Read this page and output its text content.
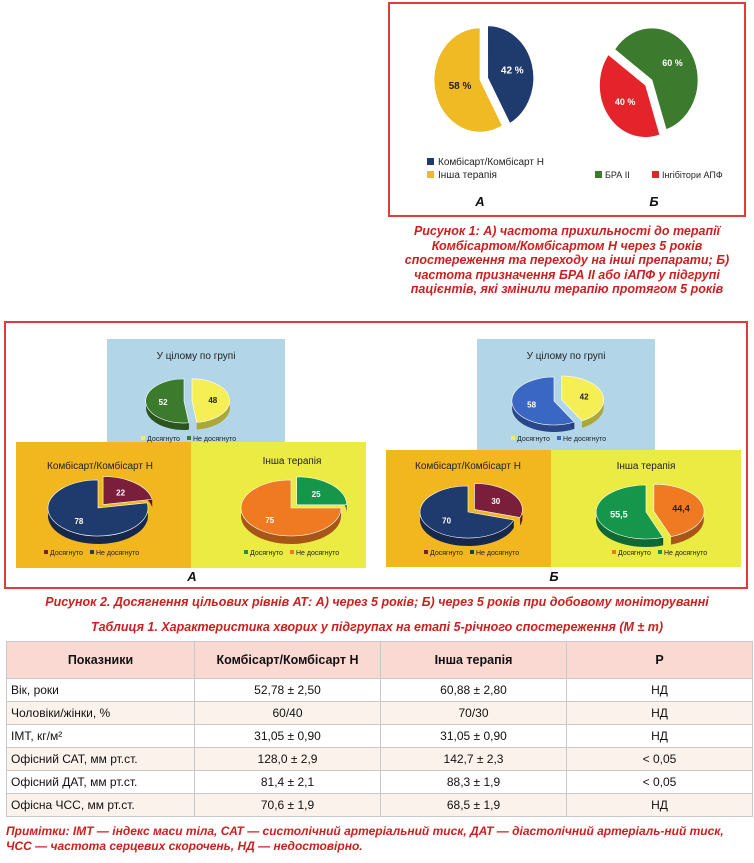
42 %
58 %
60 %
40 %
Комбісарт/Комбісарт Н
Інша терапія	БРА ІІ	Інгібітори АПФ
А	Б
Рисунок 1: А) частота прихильності до терапії Комбісартом/Комбісартом Н через 5 років спостереження та переходу на інші препарати; Б) частота призначення БРА II або іАПФ у підгрупі пацієнтів, які змінили терапію протягом 5 років
У цілому по групі
Комбісарт/Комбісарт Н	Інша терапія
У цілому по групі
Комбісарт/Комбісарт Н	Інша терапія
48
52
22
78
25
75
42
58
30
70
44,4
55,5
Досягнуто Не досягнуто
Досягнуто Не досягнуто	Досягнуто Не досягнуто
Досягнуто Не досягнуто
Досягнуто Не досягнуто	Досягнуто Не досягнуто
А	Б
Рисунок 2. Досягнення цільових рівнів АТ: А) через 5 років; Б) через 5 років при добовому моніторуванні
Таблиця 1. Характеристика хворих у підгрупах на етапі 5-річного спостереження (M ± m)
Показники	Комбісарт/Комбісарт Н	Інша терапія	Р
Вік, роки	52,78 ± 2,50	60,88 ± 2,80	НД
Чоловіки/жінки, %	60/40	70/30	НД
ІМТ, кг/м²	31,05 ± 0,90	31,05 ± 0,90	НД
Офісний САТ, мм рт.ст.	128,0 ± 2,9	142,7 ± 2,3	< 0,05
Офісний ДАТ, мм рт.ст.	81,4 ± 2,1	88,3 ± 1,9	< 0,05
Офісна ЧСС, мм рт.ст.	70,6 ± 1,9	68,5 ± 1,9	НД
Примітки: ІМТ — індекс маси тіла, САТ — систолічний артеріальний тиск, ДАТ — діастолічний артеріаль-ний тиск, ЧСС — частота серцевих скорочень, НД — недостовірно.
